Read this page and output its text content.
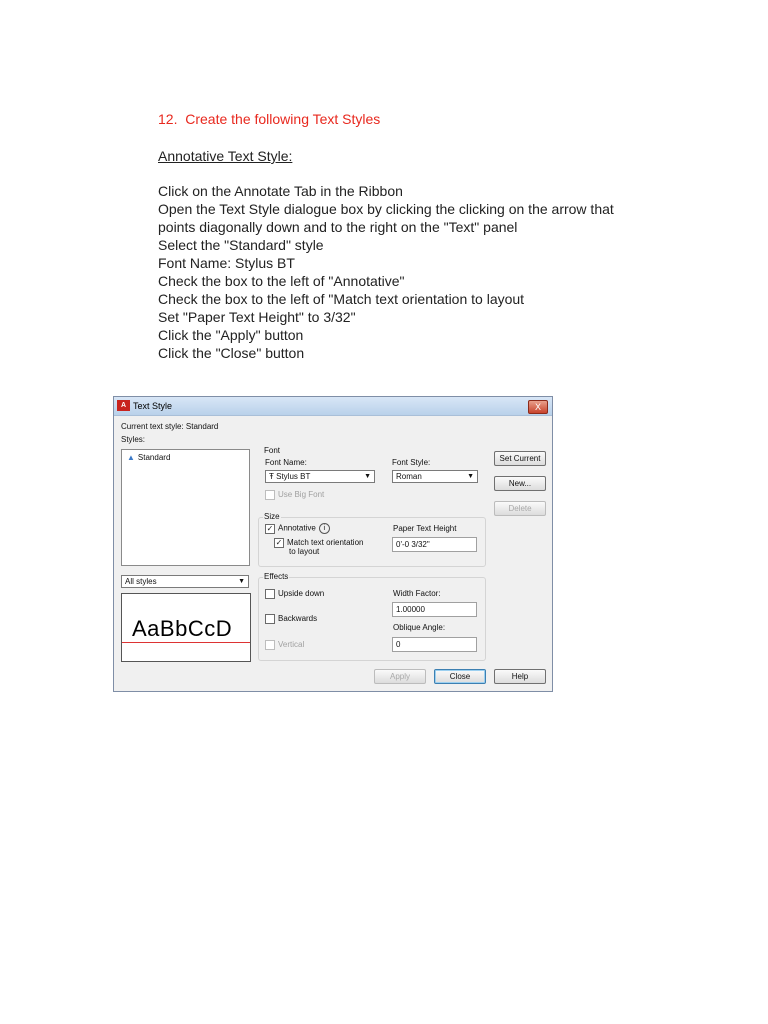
12.  Create the following Text Styles
Annotative Text Style:
Click on the Annotate Tab in the Ribbon
Open the Text Style dialogue box by clicking the clicking on the arrow that
points diagonally down and to the right on the "Text" panel
Select the "Standard" style
Font Name: Stylus BT
Check the box to the left of "Annotative"
Check the box to the left of "Match text orientation to layout
Set "Paper Text Height" to 3/32"
Click the "Apply" button
Click the "Close" button
A Text Style	X
Current text style: Standard
Styles:
▲ Standard
All styles	▼
AaBbCcD
Font
Font Name:
Ŧ Stylus BT	▼
Font Style:
Roman	▼
Use Big Font
Size
✓ Annotative i
✓ Match text orientation
to layout
Paper Text Height
0'-0 3/32"
Effects
Upside down
Backwards
Vertical
Width Factor:
1.00000
Oblique Angle:
0
Set Current
New...
Delete
Apply	Close	Help
